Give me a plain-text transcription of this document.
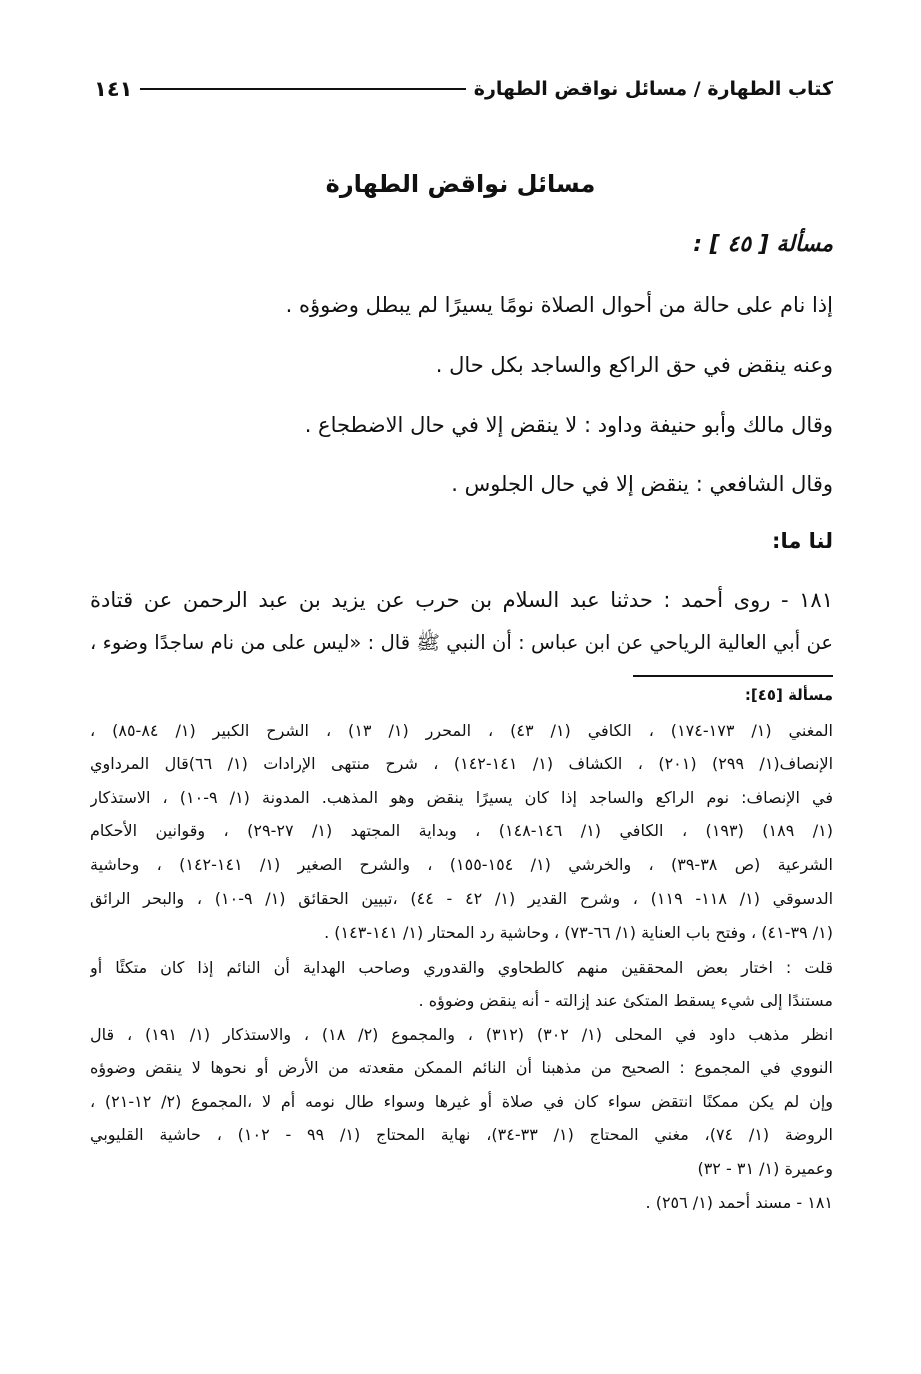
كتاب الطهارة / مسائل نواقض الطهارة
١٤١
مسائل نواقض الطهارة
مسألة [ ٤٥ ] :
إذا نام على حالة من أحوال الصلاة نومًا يسيرًا لم يبطل وضوؤه .
وعنه ينقض في حق الراكع والساجد بكل حال .
وقال مالك وأبو حنيفة وداود : لا ينقض إلا في حال الاضطجاع .
وقال الشافعي : ينقض إلا في حال الجلوس .
لنا ما:
١٨١ - روى أحمد : حدثنا عبد السلام بن حرب عن يزيد بن عبد الرحمن عن قتادة
عن أبي العالية الرياحي عن ابن عباس : أن النبي ﷺ قال : «ليس على من نام ساجدًا وضوء ،
مسألة [٤٥]:
المغني (١/ ١٧٣-١٧٤) ، الكافي (١/ ٤٣) ، المحرر (١/ ١٣) ، الشرح الكبير (١/ ٨٤-٨٥) ،
الإنصاف(١/ ٢٩٩) (٢٠١) ، الكشاف (١/ ١٤١-١٤٢) ، شرح منتهى الإرادات (١/ ٦٦)قال المرداوي
في الإنصاف: نوم الراكع والساجد إذا كان يسيرًا ينقض وهو المذهب. المدونة (١/ ٩-١٠) ، الاستذكار
(١/ ١٨٩) (١٩٣) ، الكافي (١/ ١٤٦-١٤٨) ، وبداية المجتهد (١/ ٢٧-٢٩) ، وقوانين الأحكام
الشرعية (ص ٣٨-٣٩) ، والخرشي (١/ ١٥٤-١٥٥) ، والشرح الصغير (١/ ١٤١-١٤٢) ، وحاشية
الدسوقي (١/ ١١٨- ١١٩) ، وشرح القدير (١/ ٤٢ - ٤٤) ،تبيين الحقائق (١/ ٩-١٠) ، والبحر الرائق
(١/ ٣٩-٤١) ، وفتح باب العناية (١/ ٦٦-٧٣) ، وحاشية رد المحتار (١/ ١٤١-١٤٣) .
قلت : اختار بعض المحققين منهم كالطحاوي والقدوري وصاحب الهداية أن النائم إذا كان متكئًا أو
مستندًا إلى شيء يسقط المتكئ عند إزالته - أنه ينقض وضوؤه .
انظر مذهب داود في المحلى (١/ ٣٠٢) (٣١٢) ، والمجموع (٢/ ١٨) ، والاستذكار (١/ ١٩١) ، قال
النووي في المجموع : الصحيح من مذهبنا أن النائم الممكن مقعدته من الأرض أو نحوها لا ينقض وضوؤه
وإن لم يكن ممكنًا انتقض سواء كان في صلاة أو غيرها وسواء طال نومه أم لا ،المجموع (٢/ ١٢-٢١) ،
الروضة (١/ ٧٤)، مغني المحتاج (١/ ٣٣-٣٤)، نهاية المحتاج (١/ ٩٩ - ١٠٢) ، حاشية القليوبي
وعميرة (١/ ٣١ - ٣٢)
١٨١ - مسند أحمد (١/ ٢٥٦) .
